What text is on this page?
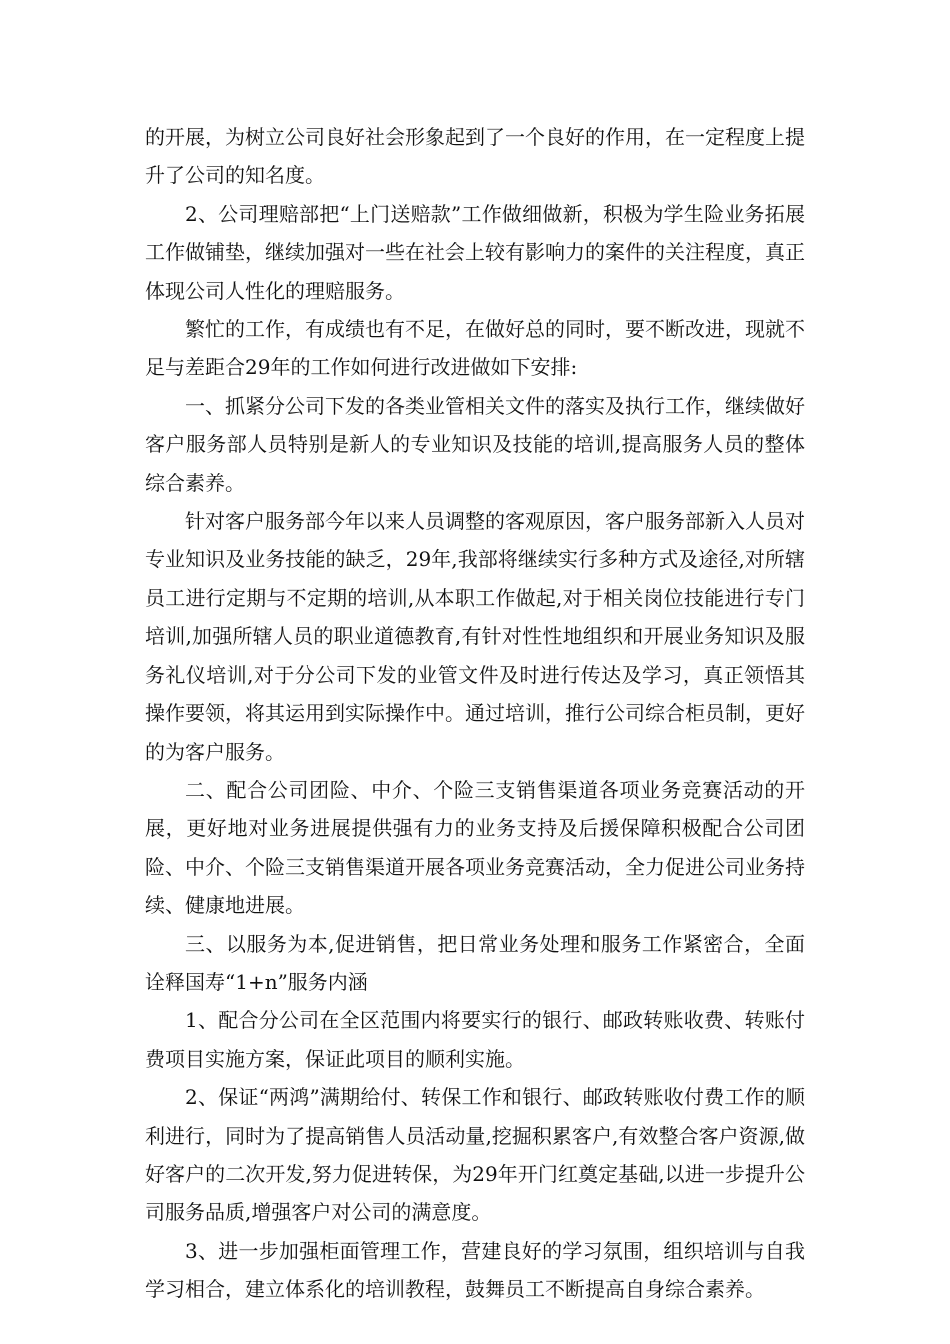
的开展，为树立公司良好社会形象起到了一个良好的作用，在一定程度上提升了公司的知名度。

2、公司理赔部把“上门送赔款”工作做细做新，积极为学生险业务拓展工作做铺垫，继续加强对一些在社会上较有影响力的案件的关注程度，真正体现公司人性化的理赔服务。

繁忙的工作，有成绩也有不足，在做好总的同时，要不断改进，现就不足与差距合29年的工作如何进行改进做如下安排:

一、抓紧分公司下发的各类业管相关文件的落实及执行工作，继续做好客户服务部人员特别是新人的专业知识及技能的培训,提高服务人员的整体综合素养。

针对客户服务部今年以来人员调整的客观原因，客户服务部新入人员对专业知识及业务技能的缺乏，29年,我部将继续实行多种方式及途径,对所辖员工进行定期与不定期的培训,从本职工作做起,对于相关岗位技能进行专门培训,加强所辖人员的职业道德教育,有针对性性地组织和开展业务知识及服务礼仪培训,对于分公司下发的业管文件及时进行传达及学习，真正领悟其操作要领，将其运用到实际操作中。通过培训，推行公司综合柜员制，更好的为客户服务。

二、配合公司团险、中介、个险三支销售渠道各项业务竞赛活动的开展，更好地对业务进展提供强有力的业务支持及后援保障积极配合公司团险、中介、个险三支销售渠道开展各项业务竞赛活动，全力促进公司业务持续、健康地进展。

三、以服务为本,促进销售，把日常业务处理和服务工作紧密合，全面诠释国寿“1+n”服务内涵

1、配合分公司在全区范围内将要实行的银行、邮政转账收费、转账付费项目实施方案，保证此项目的顺利实施。

2、保证“两鸿”满期给付、转保工作和银行、邮政转账收付费工作的顺利进行，同时为了提高销售人员活动量,挖掘积累客户,有效整合客户资源,做好客户的二次开发,努力促进转保，为29年开门红奠定基础,以进一步提升公司服务品质,增强客户对公司的满意度。

3、进一步加强柜面管理工作，营建良好的学习氛围，组织培训与自我学习相合，建立体系化的培训教程，鼓舞员工不断提高自身综合素养。
